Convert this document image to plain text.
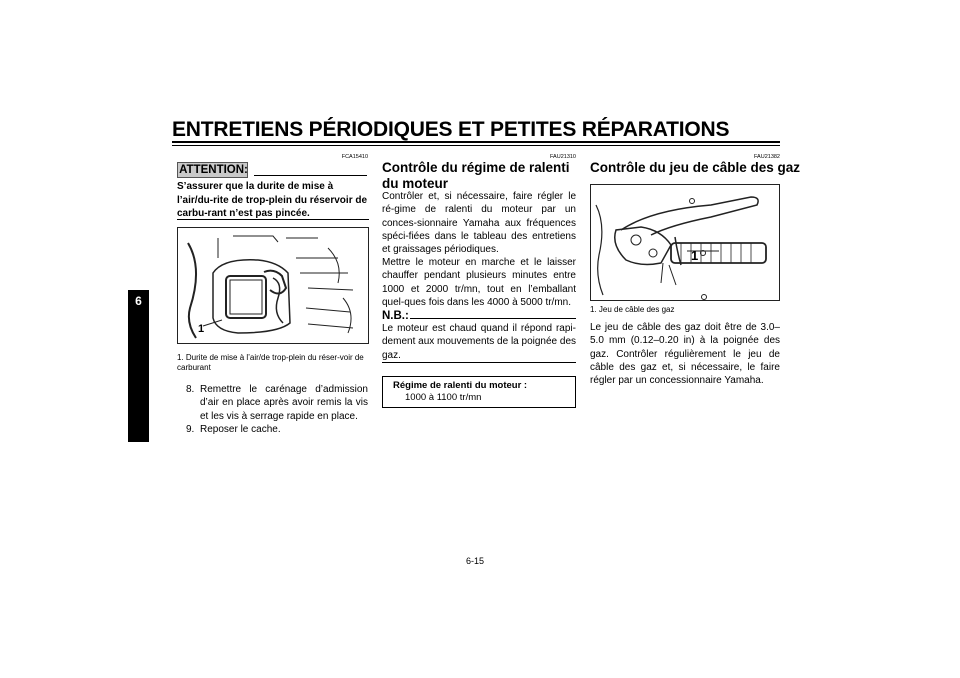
ENTRETIENS PÉRIODIQUES ET PETITES RÉPARATIONS
6
FCA15410
ATTENTION:
S’assurer que la durite de mise à l’air/du-rite de trop-plein du réservoir de carbu-rant n’est pas pincée.
1
1. Durite de mise à l’air/de trop-plein du réser-voir de carburant
8. Remettre le carénage d’admission d’air en place après avoir remis la vis et les vis à serrage rapide en place.
9. Reposer le cache.
FAU21310
Contrôle du régime de ralenti du moteur
Contrôler et, si nécessaire, faire régler le ré-gime de ralenti du moteur par un conces-sionnaire Yamaha aux fréquences spéci-fiées dans le tableau des entretiens et graissages périodiques.
Mettre le moteur en marche et le laisser chauffer pendant plusieurs minutes entre 1000 et 2000 tr/mn, tout en l’emballant quel-ques fois dans les 4000 à 5000 tr/mn.
N.B.:
Le moteur est chaud quand il répond rapi-dement aux mouvements de la poignée des gaz.
Régime de ralenti du moteur :
1000 à 1100 tr/mn
FAU21382
Contrôle du jeu de câble des gaz
1
1. Jeu de câble des gaz
Le jeu de câble des gaz doit être de 3.0–5.0 mm (0.12–0.20 in) à la poignée des gaz. Contrôler régulièrement le jeu de câble des gaz et, si nécessaire, le faire régler par un concessionnaire Yamaha.
6-15
